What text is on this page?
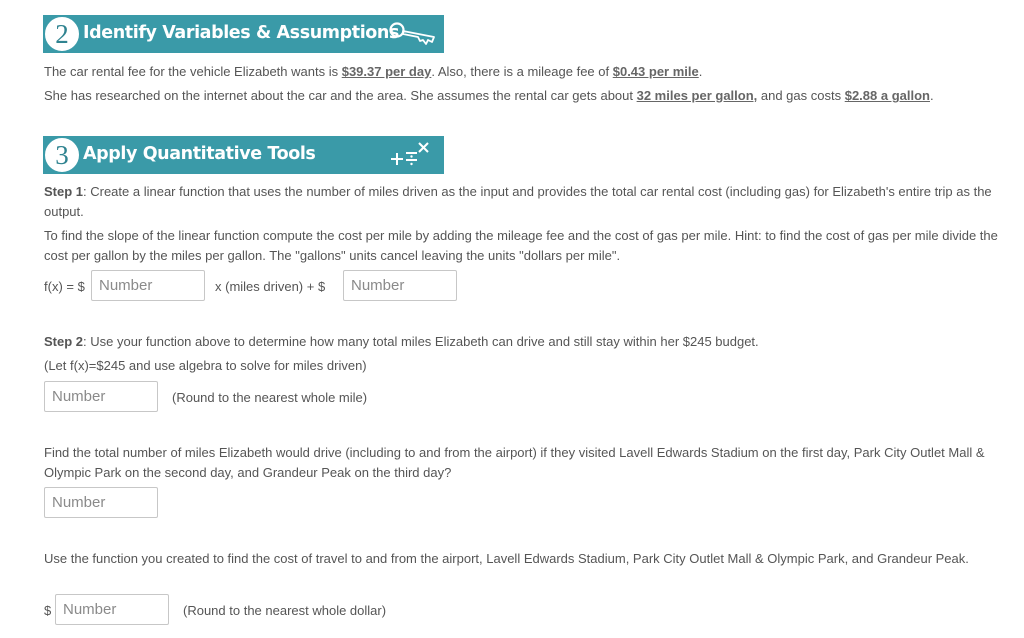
2 Identify Variables & Assumptions
The car rental fee for the vehicle Elizabeth wants is $39.37 per day. Also, there is a mileage fee of $0.43 per mile.
She has researched on the internet about the car and the area. She assumes the rental car gets about 32 miles per gallon, and gas costs $2.88 a gallon.
3 Apply Quantitative Tools
Step 1: Create a linear function that uses the number of miles driven as the input and provides the total car rental cost (including gas) for Elizabeth's entire trip as the output.
To find the slope of the linear function compute the cost per mile by adding the mileage fee and the cost of gas per mile. Hint: to find the cost of gas per mile divide the cost per gallon by the miles per gallon. The "gallons" units cancel leaving the units "dollars per mile".
f(x) = $
Number	x (miles driven) + $
Number
Step 2: Use your function above to determine how many total miles Elizabeth can drive and still stay within her $245 budget.
(Let f(x)=$245 and use algebra to solve for miles driven)
Number
(Round to the nearest whole mile)
Find the total number of miles Elizabeth would drive (including to and from the airport) if they visited Lavell Edwards Stadium on the first day, Park City Outlet Mall & Olympic Park on the second day, and Grandeur Peak on the third day?
Number
Use the function you created to find the cost of travel to and from the airport, Lavell Edwards Stadium, Park City Outlet Mall & Olympic Park, and Grandeur Peak.
$
Number	(Round to the nearest whole dollar)
